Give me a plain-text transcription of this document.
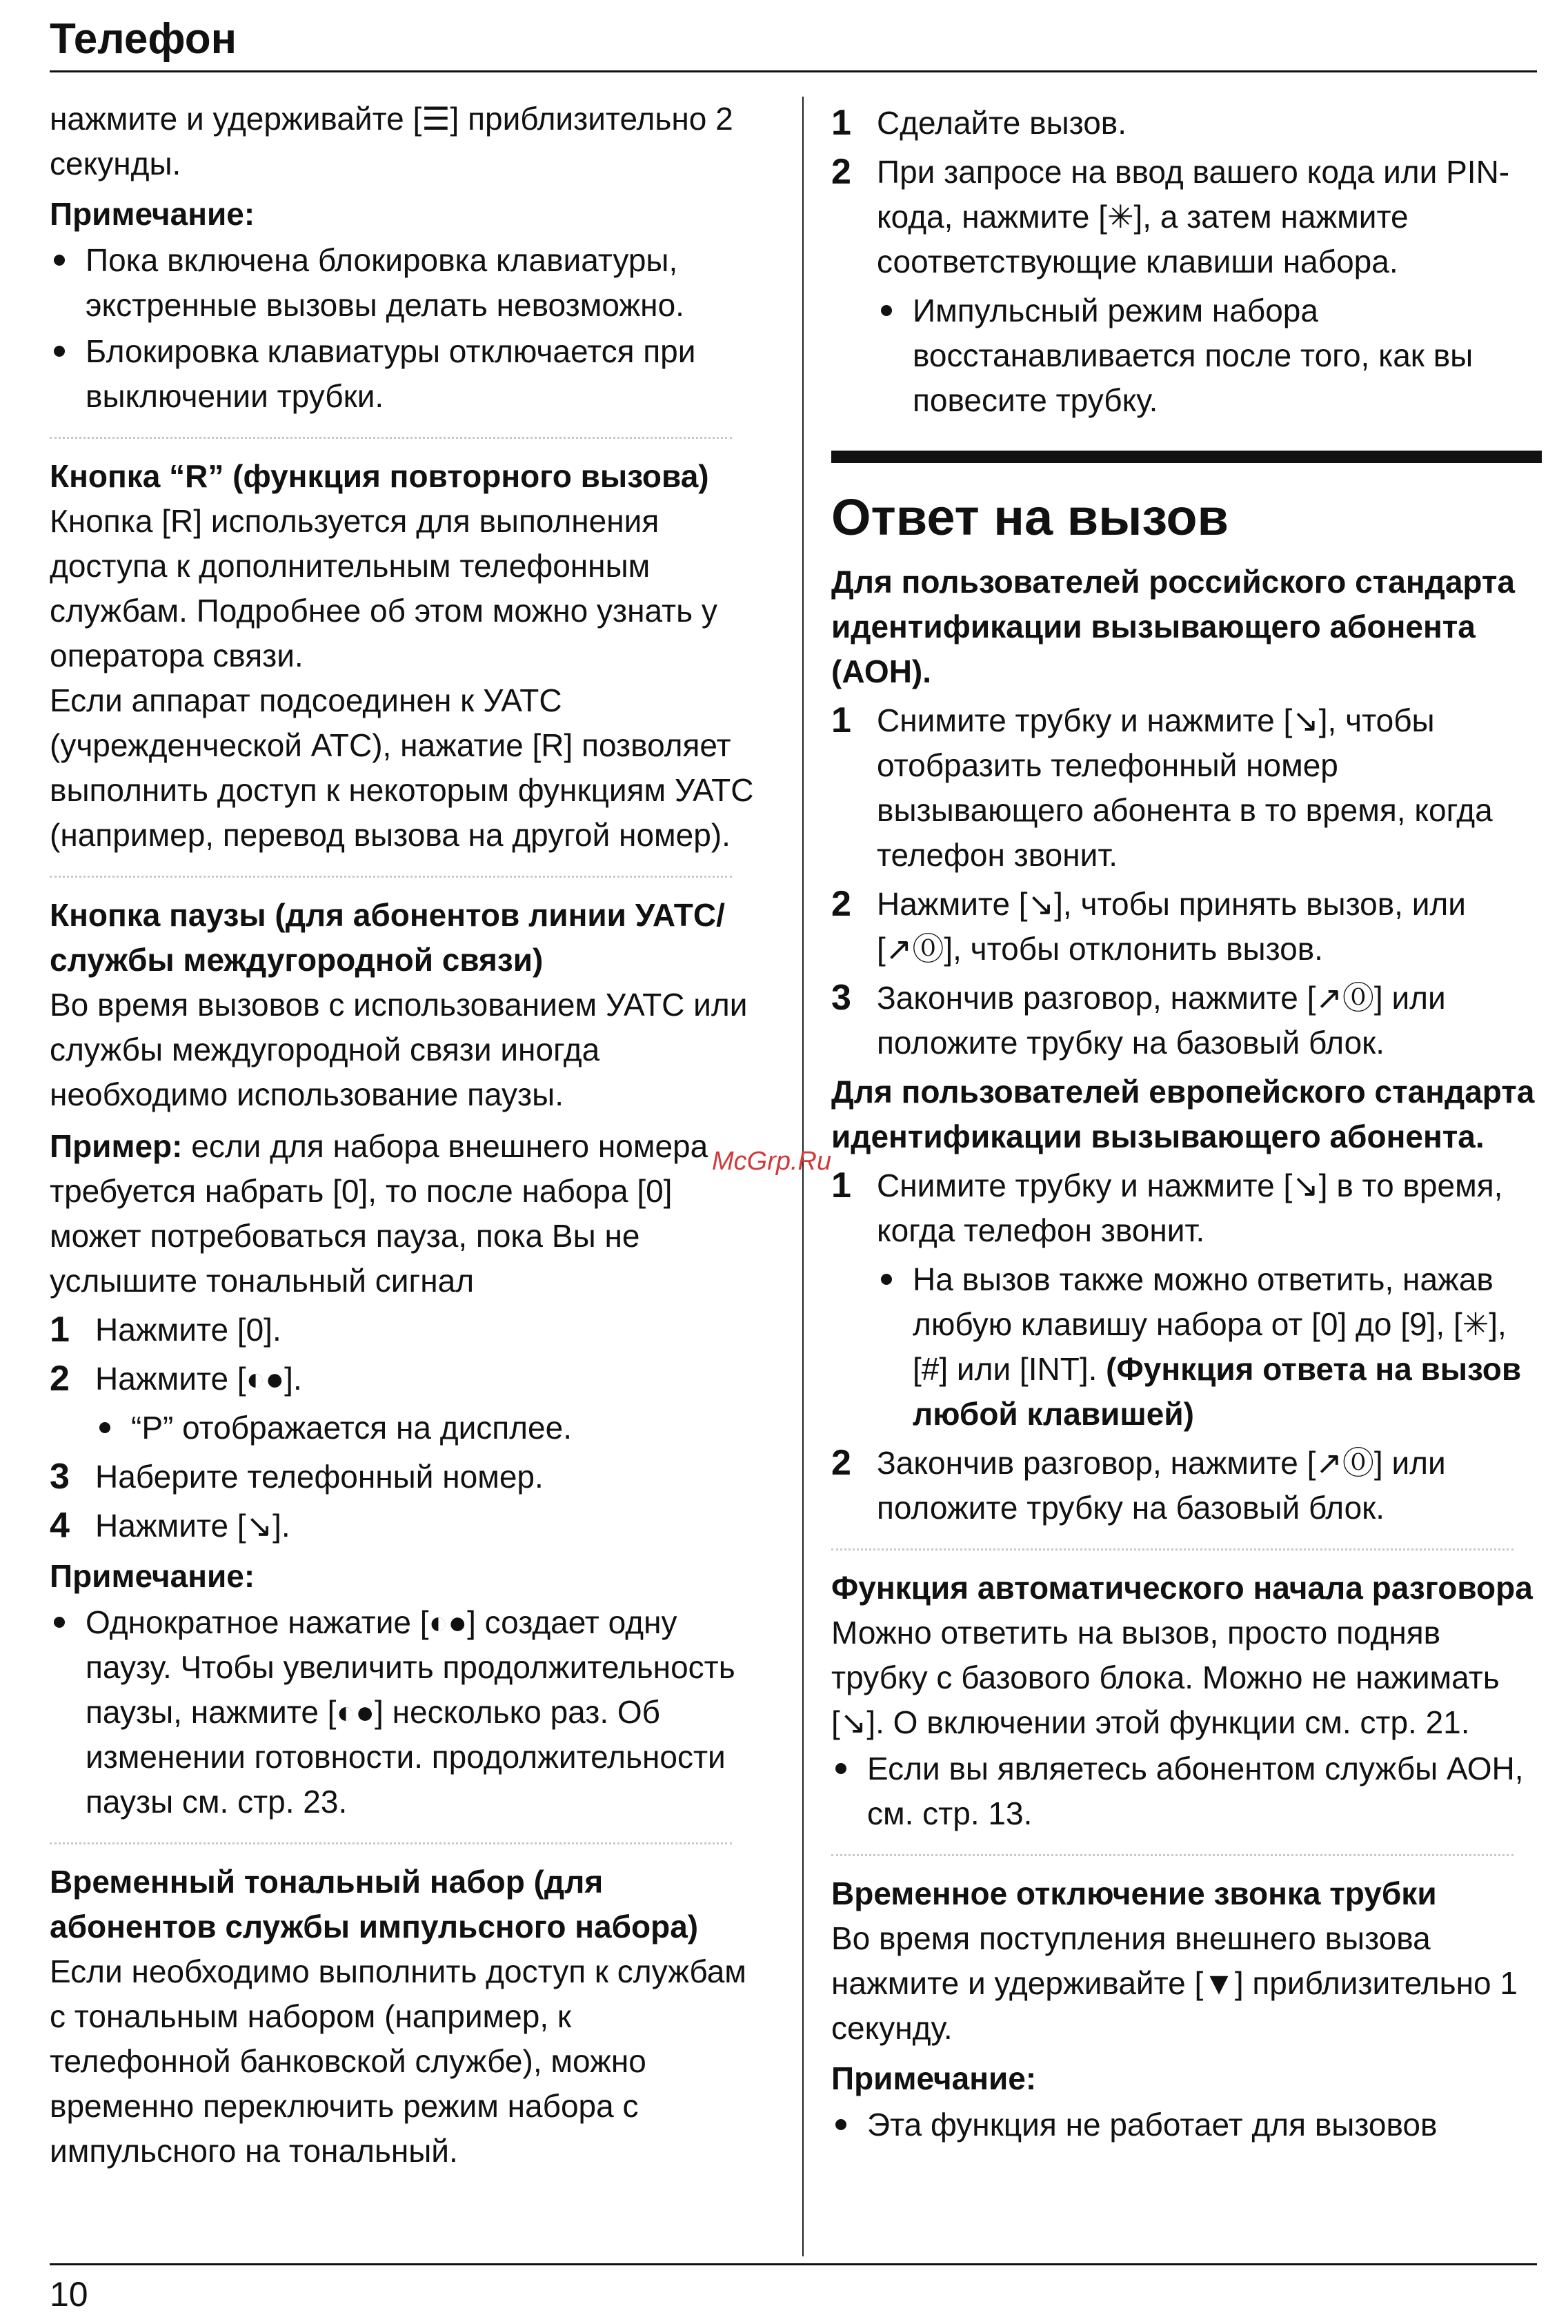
Телефон
McGrp.Ru

нажмите и удерживайте [☰] приблизительно 2 секунды.

Примечание:

Пока включена блокировка клавиатуры, экстренные вызовы делать невозможно.
Блокировка клавиатуры отключается при выключении трубки.

Кнопка “R” (функция повторного вызова)

Кнопка [R] используется для выполнения доступа к дополнительным телефонным службам. Подробнее об этом можно узнать у оператора связи.

Если аппарат подсоединен к УАТС (учрежденческой АТС), нажатие [R] позволяет выполнить доступ к некоторым функциям УАТС (например, перевод вызова на другой номер).

Кнопка паузы (для абонентов линии УАТС/ службы междугородной связи)

Во время вызовов с использованием УАТС или службы междугородной связи иногда необходимо использование паузы.

Пример: если для набора внешнего номера требуется набрать [0], то после набора [0] может потребоваться пауза, пока Вы не услышите тональный сигнал

1 Нажмите [0].
2 Нажмите [◐●].
“P” отображается на дисплее.
3 Наберите телефонный номер.
4 Нажмите [↘].

Примечание:

Однократное нажатие [◐●] создает одну паузу. Чтобы увеличить продолжительность паузы, нажмите [◐●] несколько раз. Об изменении готовности. продолжительности паузы см. стр. 23.

Временный тональный набор (для абонентов службы импульсного набора)

Если необходимо выполнить доступ к службам с тональным набором (например, к телефонной банковской службе), можно временно переключить режим набора с импульсного на тональный.

1 Сделайте вызов.
2 При запросе на ввод вашего кода или PIN-кода, нажмите [✳], а затем нажмите соответствующие клавиши набора.
Импульсный режим набора восстанавливается после того, как вы повесите трубку.
Ответ на вызов

Для пользователей российского стандарта идентификации вызывающего абонента (АОН).

1 Снимите трубку и нажмите [↘], чтобы отобразить телефонный номер вызывающего абонента в то время, когда телефон звонит.
2 Нажмите [↘], чтобы принять вызов, или [↗⓪], чтобы отклонить вызов.
3 Закончив разговор, нажмите [↗⓪] или положите трубку на базовый блок.

Для пользователей европейского стандарта идентификации вызывающего абонента.

1 Снимите трубку и нажмите [↘] в то время, когда телефон звонит.
На вызов также можно ответить, нажав любую клавишу набора от [0] до [9], [✳], [#] или [INT]. (Функция ответа на вызов любой клавишей)
2 Закончив разговор, нажмите [↗⓪] или положите трубку на базовый блок.

Функция автоматического начала разговора

Можно ответить на вызов, просто подняв трубку с базового блока. Можно не нажимать [↘]. О включении этой функции см. стр. 21.

Если вы являетесь абонентом службы АОН, см. стр. 13.

Временное отключение звонка трубки

Во время поступления внешнего вызова нажмите и удерживайте [▼] приблизительно 1 секунду.

Примечание:

Эта функция не работает для вызовов
10
